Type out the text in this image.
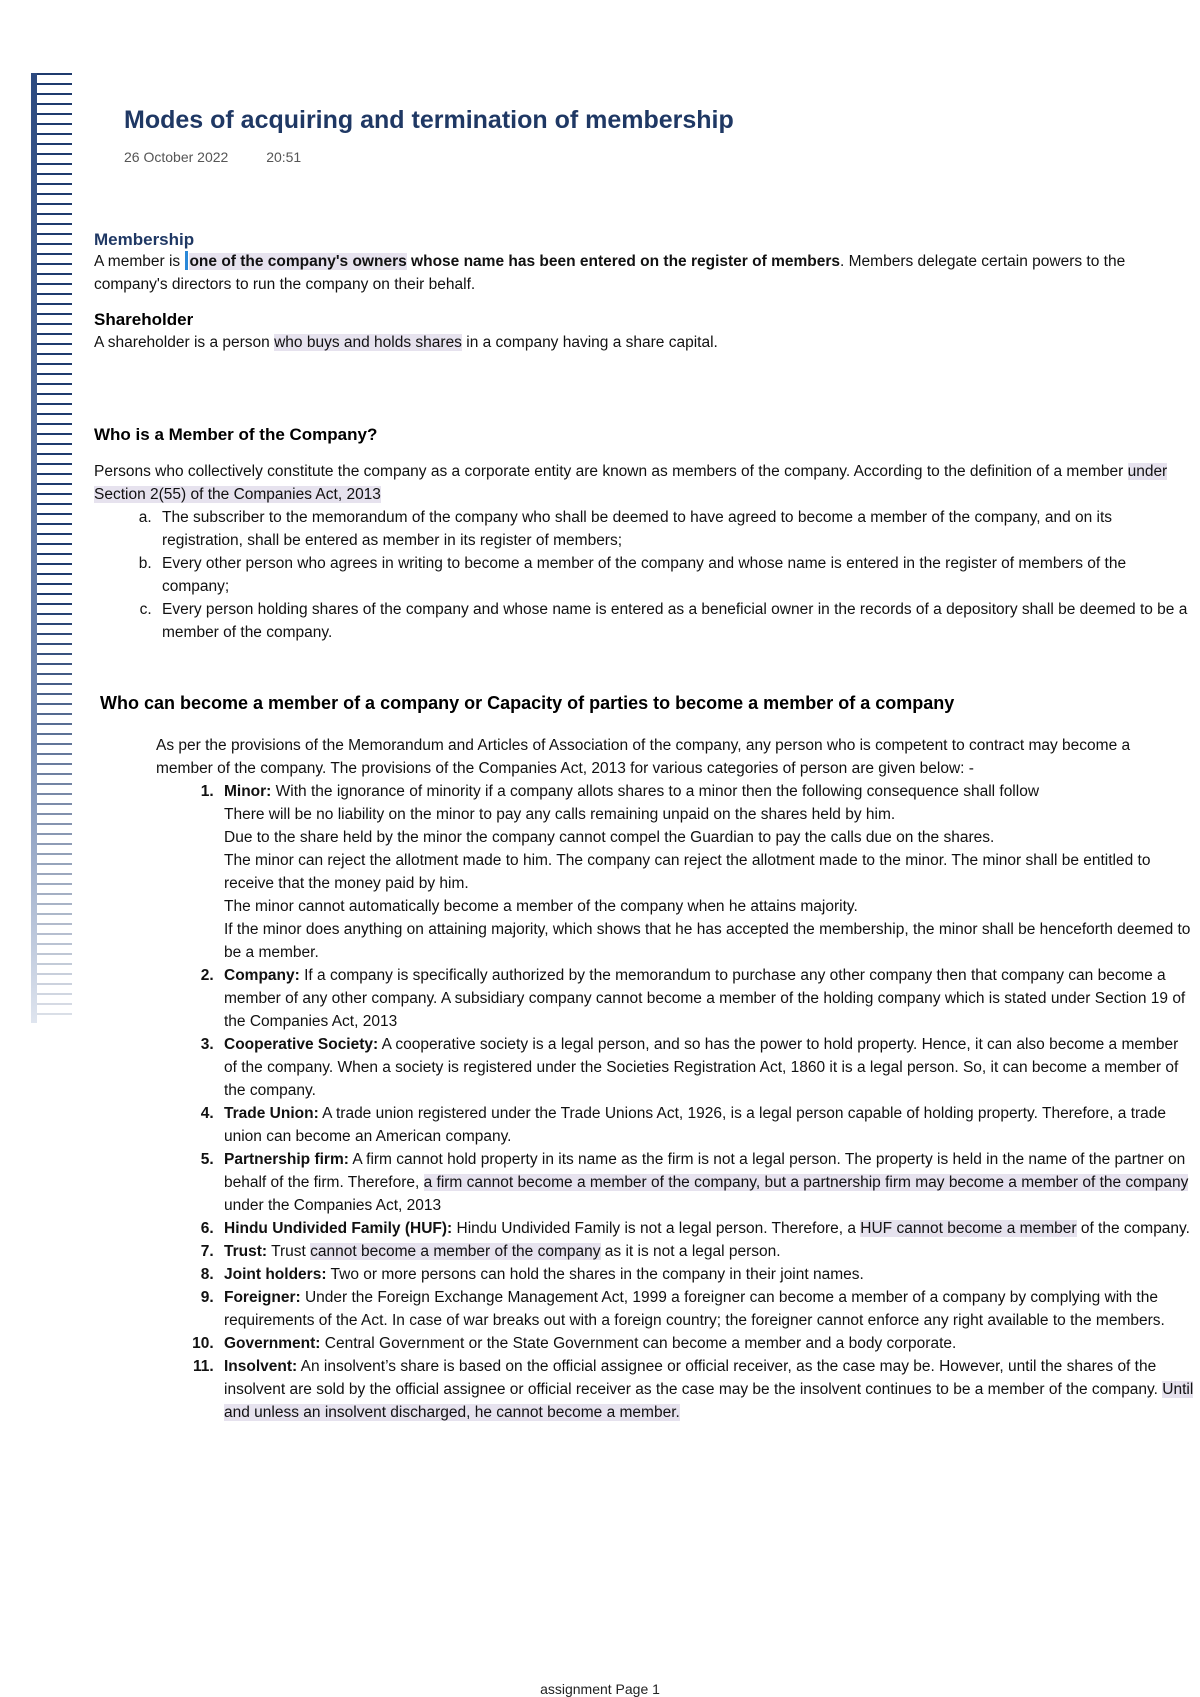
Modes of acquiring and termination of membership
26 October 2022	20:51
Membership

A member is one of the company's owners whose name has been entered on the register of members. Members delegate certain powers to the company's directors to run the company on their behalf.

Shareholder

A shareholder is a person who buys and holds shares in a company having a share capital.

Who is a Member of the Company?

Persons who collectively constitute the company as a corporate entity are known as members of the company. According to the definition of a member under Section 2(55) of the Companies Act, 2013

a. The subscriber to the memorandum of the company who shall be deemed to have agreed to become a member of the company, and on its registration, shall be entered as member in its register of members;
b. Every other person who agrees in writing to become a member of the company and whose name is entered in the register of members of the company;
c. Every person holding shares of the company and whose name is entered as a beneficial owner in the records of a depository shall be deemed to be a member of the company.
Who can become a member of a company or Capacity of parties to become a member of a company

As per the provisions of the Memorandum and Articles of Association of the company, any person who is competent to contract may become a member of the company. The provisions of the Companies Act, 2013 for various categories of person are given below: -

1. Minor: With the ignorance of minority if a company allots shares to a minor then the following consequence shall follow
There will be no liability on the minor to pay any calls remaining unpaid on the shares held by him.
Due to the share held by the minor the company cannot compel the Guardian to pay the calls due on the shares.
The minor can reject the allotment made to him. The company can reject the allotment made to the minor. The minor shall be entitled to receive that the money paid by him.
The minor cannot automatically become a member of the company when he attains majority.
If the minor does anything on attaining majority, which shows that he has accepted the membership, the minor shall be henceforth deemed to be a member.
2. Company: If a company is specifically authorized by the memorandum to purchase any other company then that company can become a member of any other company. A subsidiary company cannot become a member of the holding company which is stated under Section 19 of the Companies Act, 2013
3. Cooperative Society: A cooperative society is a legal person, and so has the power to hold property. Hence, it can also become a member of the company. When a society is registered under the Societies Registration Act, 1860 it is a legal person. So, it can become a member of the company.
4. Trade Union: A trade union registered under the Trade Unions Act, 1926, is a legal person capable of holding property. Therefore, a trade union can become an American company.
5. Partnership firm: A firm cannot hold property in its name as the firm is not a legal person. The property is held in the name of the partner on behalf of the firm. Therefore, a firm cannot become a member of the company, but a partnership firm may become a member of the company under the Companies Act, 2013
6. Hindu Undivided Family (HUF): Hindu Undivided Family is not a legal person. Therefore, a HUF cannot become a member of the company.
7. Trust: Trust cannot become a member of the company as it is not a legal person.
8. Joint holders: Two or more persons can hold the shares in the company in their joint names.
9. Foreigner: Under the Foreign Exchange Management Act, 1999 a foreigner can become a member of a company by complying with the requirements of the Act. In case of war breaks out with a foreign country; the foreigner cannot enforce any right available to the members.
10. Government: Central Government or the State Government can become a member and a body corporate.
11. Insolvent: An insolvent’s share is based on the official assignee or official receiver, as the case may be. However, until the shares of the insolvent are sold by the official assignee or official receiver as the case may be the insolvent continues to be a member of the company. Until and unless an insolvent discharged, he cannot become a member.
assignment Page 1
